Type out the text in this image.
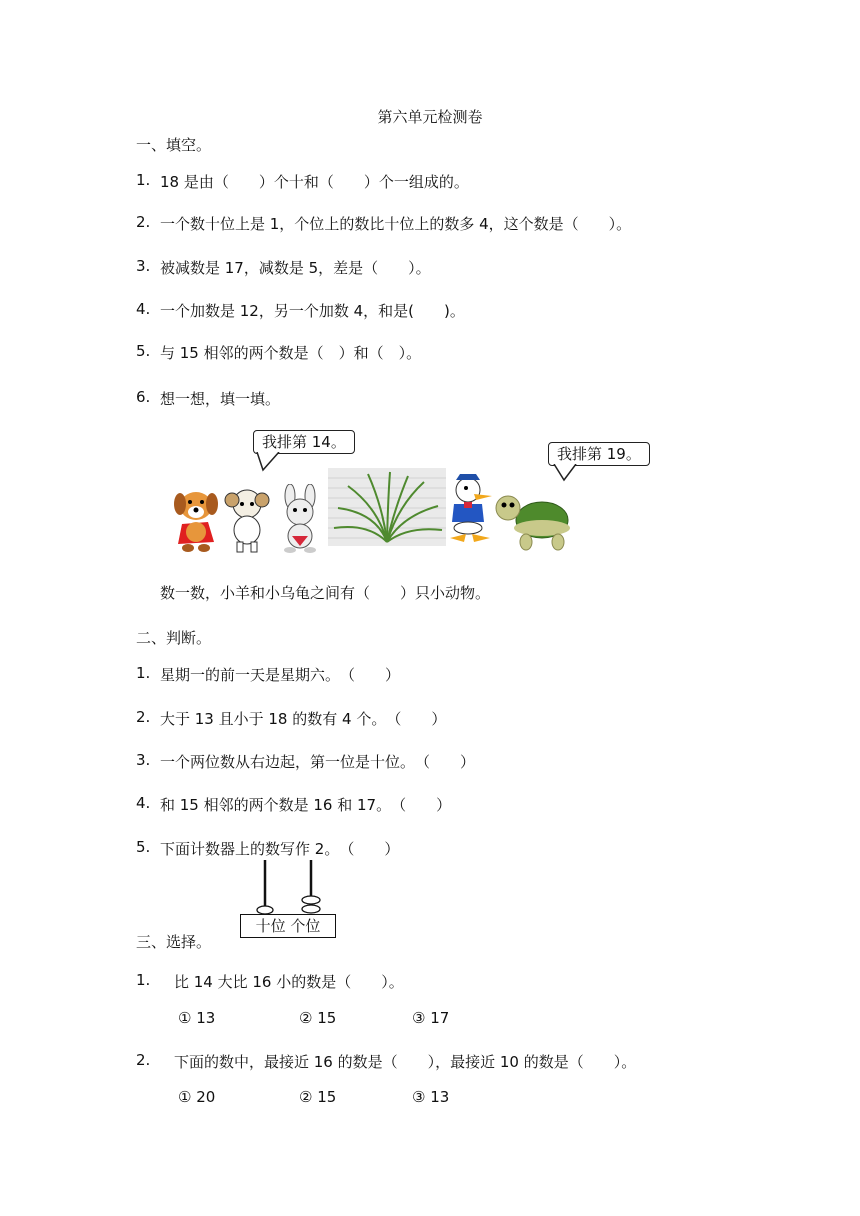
第六单元检测卷
一、填空。
1. 18 是由（　　）个十和（　　）个一组成的。
2. 一个数十位上是 1，个位上的数比十位上的数多 4，这个数是（　　）。
3. 被减数是 17，减数是 5，差是（　　）。
4. 一个加数是 12，另一个加数 4，和是(　　)。
5. 与 15 相邻的两个数是（　）和（　）。
6. 想一想，填一填。
我排第 14。
我排第 19。
数一数，小羊和小乌龟之间有（　　）只小动物。
二、判断。
1. 星期一的前一天是星期六。　（　　）
2. 大于 13 且小于 18 的数有 4 个。　（　　）
3. 一个两位数从右边起，第一位是十位。　（　　）
4. 和 15 相邻的两个数是 16 和 17。　（　　）
5. 下面计数器上的数写作 2。　（　　）
十位 个位
三、选择。
1. 比 14 大比 16 小的数是（　　）。
① 13	② 15	③ 17
2. 下面的数中，最接近 16 的数是（　　），最接近 10 的数是（　　）。
① 20	② 15	③ 13
